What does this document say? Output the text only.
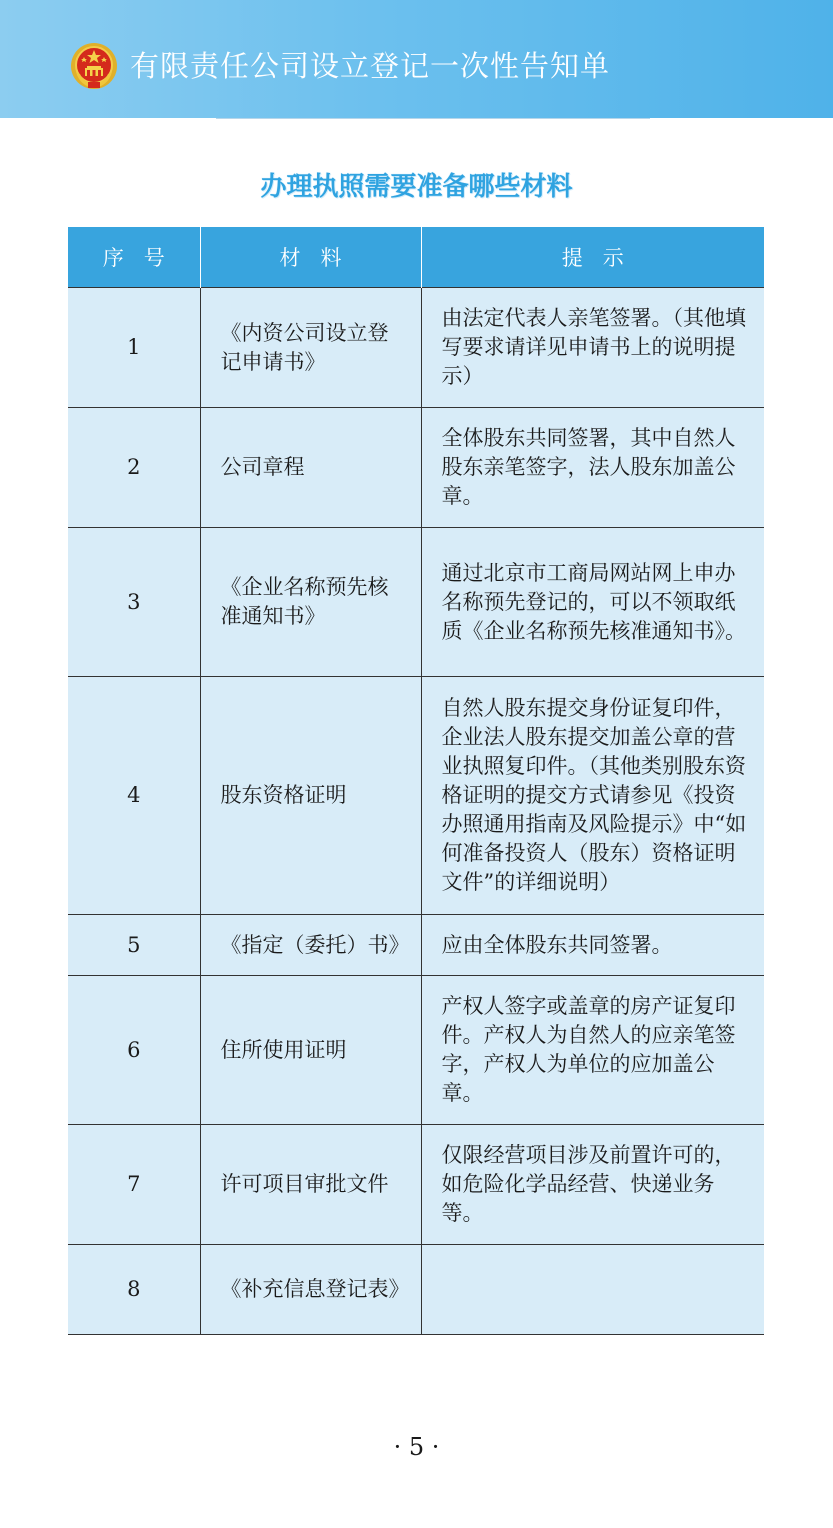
有限责任公司设立登记一次性告知单
办理执照需要准备哪些材料
序号	材料	提示
1	《内资公司设立登记申请书》	由法定代表人亲笔签署。（其他填写要求请详见申请书上的说明提示）
2	公司章程	全体股东共同签署，其中自然人股东亲笔签字，法人股东加盖公章。
3	《企业名称预先核准通知书》	通过北京市工商局网站网上申办名称预先登记的，可以不领取纸质《企业名称预先核准通知书》。
4	股东资格证明	自然人股东提交身份证复印件，企业法人股东提交加盖公章的营业执照复印件。（其他类别股东资格证明的提交方式请参见《投资办照通用指南及风险提示》中“如何准备投资人（股东）资格证明文件”的详细说明）
5	《指定（委托）书》	应由全体股东共同签署。
6	住所使用证明	产权人签字或盖章的房产证复印件。产权人为自然人的应亲笔签字，产权人为单位的应加盖公章。
7	许可项目审批文件	仅限经营项目涉及前置许可的，如危险化学品经营、快递业务等。
8	《补充信息登记表》	
· 5 ·
